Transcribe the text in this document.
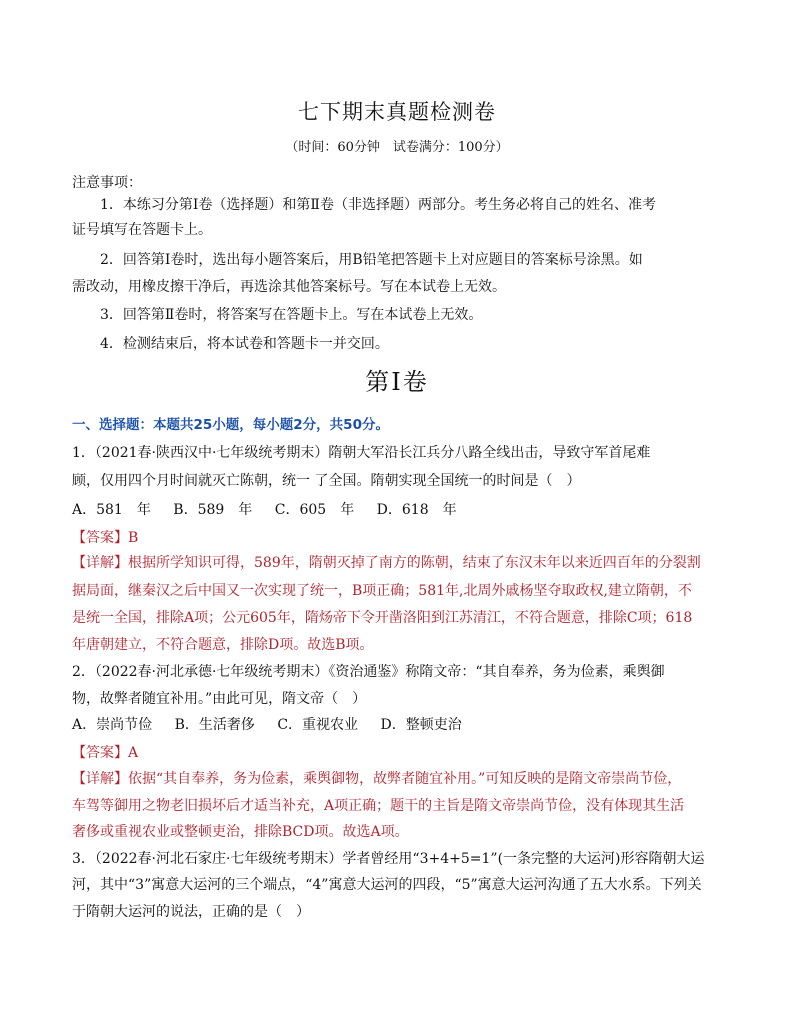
七下期末真题检测卷
（时间：60分钟　试卷满分：100分）
注意事项：
1．本练习分第Ⅰ卷（选择题）和第Ⅱ卷（非选择题）两部分。考生务必将自己的姓名、准考
证号填写在答题卡上。
2．回答第Ⅰ卷时，选出每小题答案后，用B铅笔把答题卡上对应题目的答案标号涂黑。如
需改动，用橡皮擦干净后，再选涂其他答案标号。写在本试卷上无效。
3．回答第Ⅱ卷时，将答案写在答题卡上。写在本试卷上无效。
4．检测结束后，将本试卷和答题卡一并交回。
第Ⅰ卷
一、选择题：本题共25小题，每小题2分，共50分。
1．（2021春·陕西汉中·七年级统考期末）隋朝大军沿长江兵分八路全线出击，导致守军首尾难
顾，仅用四个月时间就灭亡陈朝，统一 了全国。隋朝实现全国统一的时间是（　）
A．581　年 B．589　年 C．605　年 D．618　年
【答案】B
【详解】根据所学知识可得，589年，隋朝灭掉了南方的陈朝，结束了东汉末年以来近四百年的分裂割
据局面，继秦汉之后中国又一次实现了统一，B项正确；581年,北周外戚杨坚夺取政权,建立隋朝，不
是统一全国，排除A项；公元605年，隋炀帝下令开凿洛阳到江苏清江，不符合题意，排除C项；618
年唐朝建立，不符合题意，排除D项。故选B项。
2．（2022春·河北承德·七年级统考期末）《资治通鉴》称隋文帝：“其自奉养，务为俭素，乘舆御
物，故弊者随宜补用。”由此可见，隋文帝（　）
A．崇尚节俭 B．生活奢侈 C．重视农业 D．整顿吏治
【答案】A
【详解】依据“其自奉养，务为俭素，乘舆御物，故弊者随宜补用。”可知反映的是隋文帝崇尚节俭，
车驾等御用之物老旧损坏后才适当补充，A项正确；题干的主旨是隋文帝崇尚节俭，没有体现其生活
奢侈或重视农业或整顿吏治，排除BCD项。故选A项。
3．（2022春·河北石家庄·七年级统考期末）学者曾经用“3+4+5=1”(一条完整的大运河)形容隋朝大运
河，其中“3”寓意大运河的三个端点，“4”寓意大运河的四段，“5”寓意大运河沟通了五大水系。下列关
于隋朝大运河的说法，正确的是（　）
